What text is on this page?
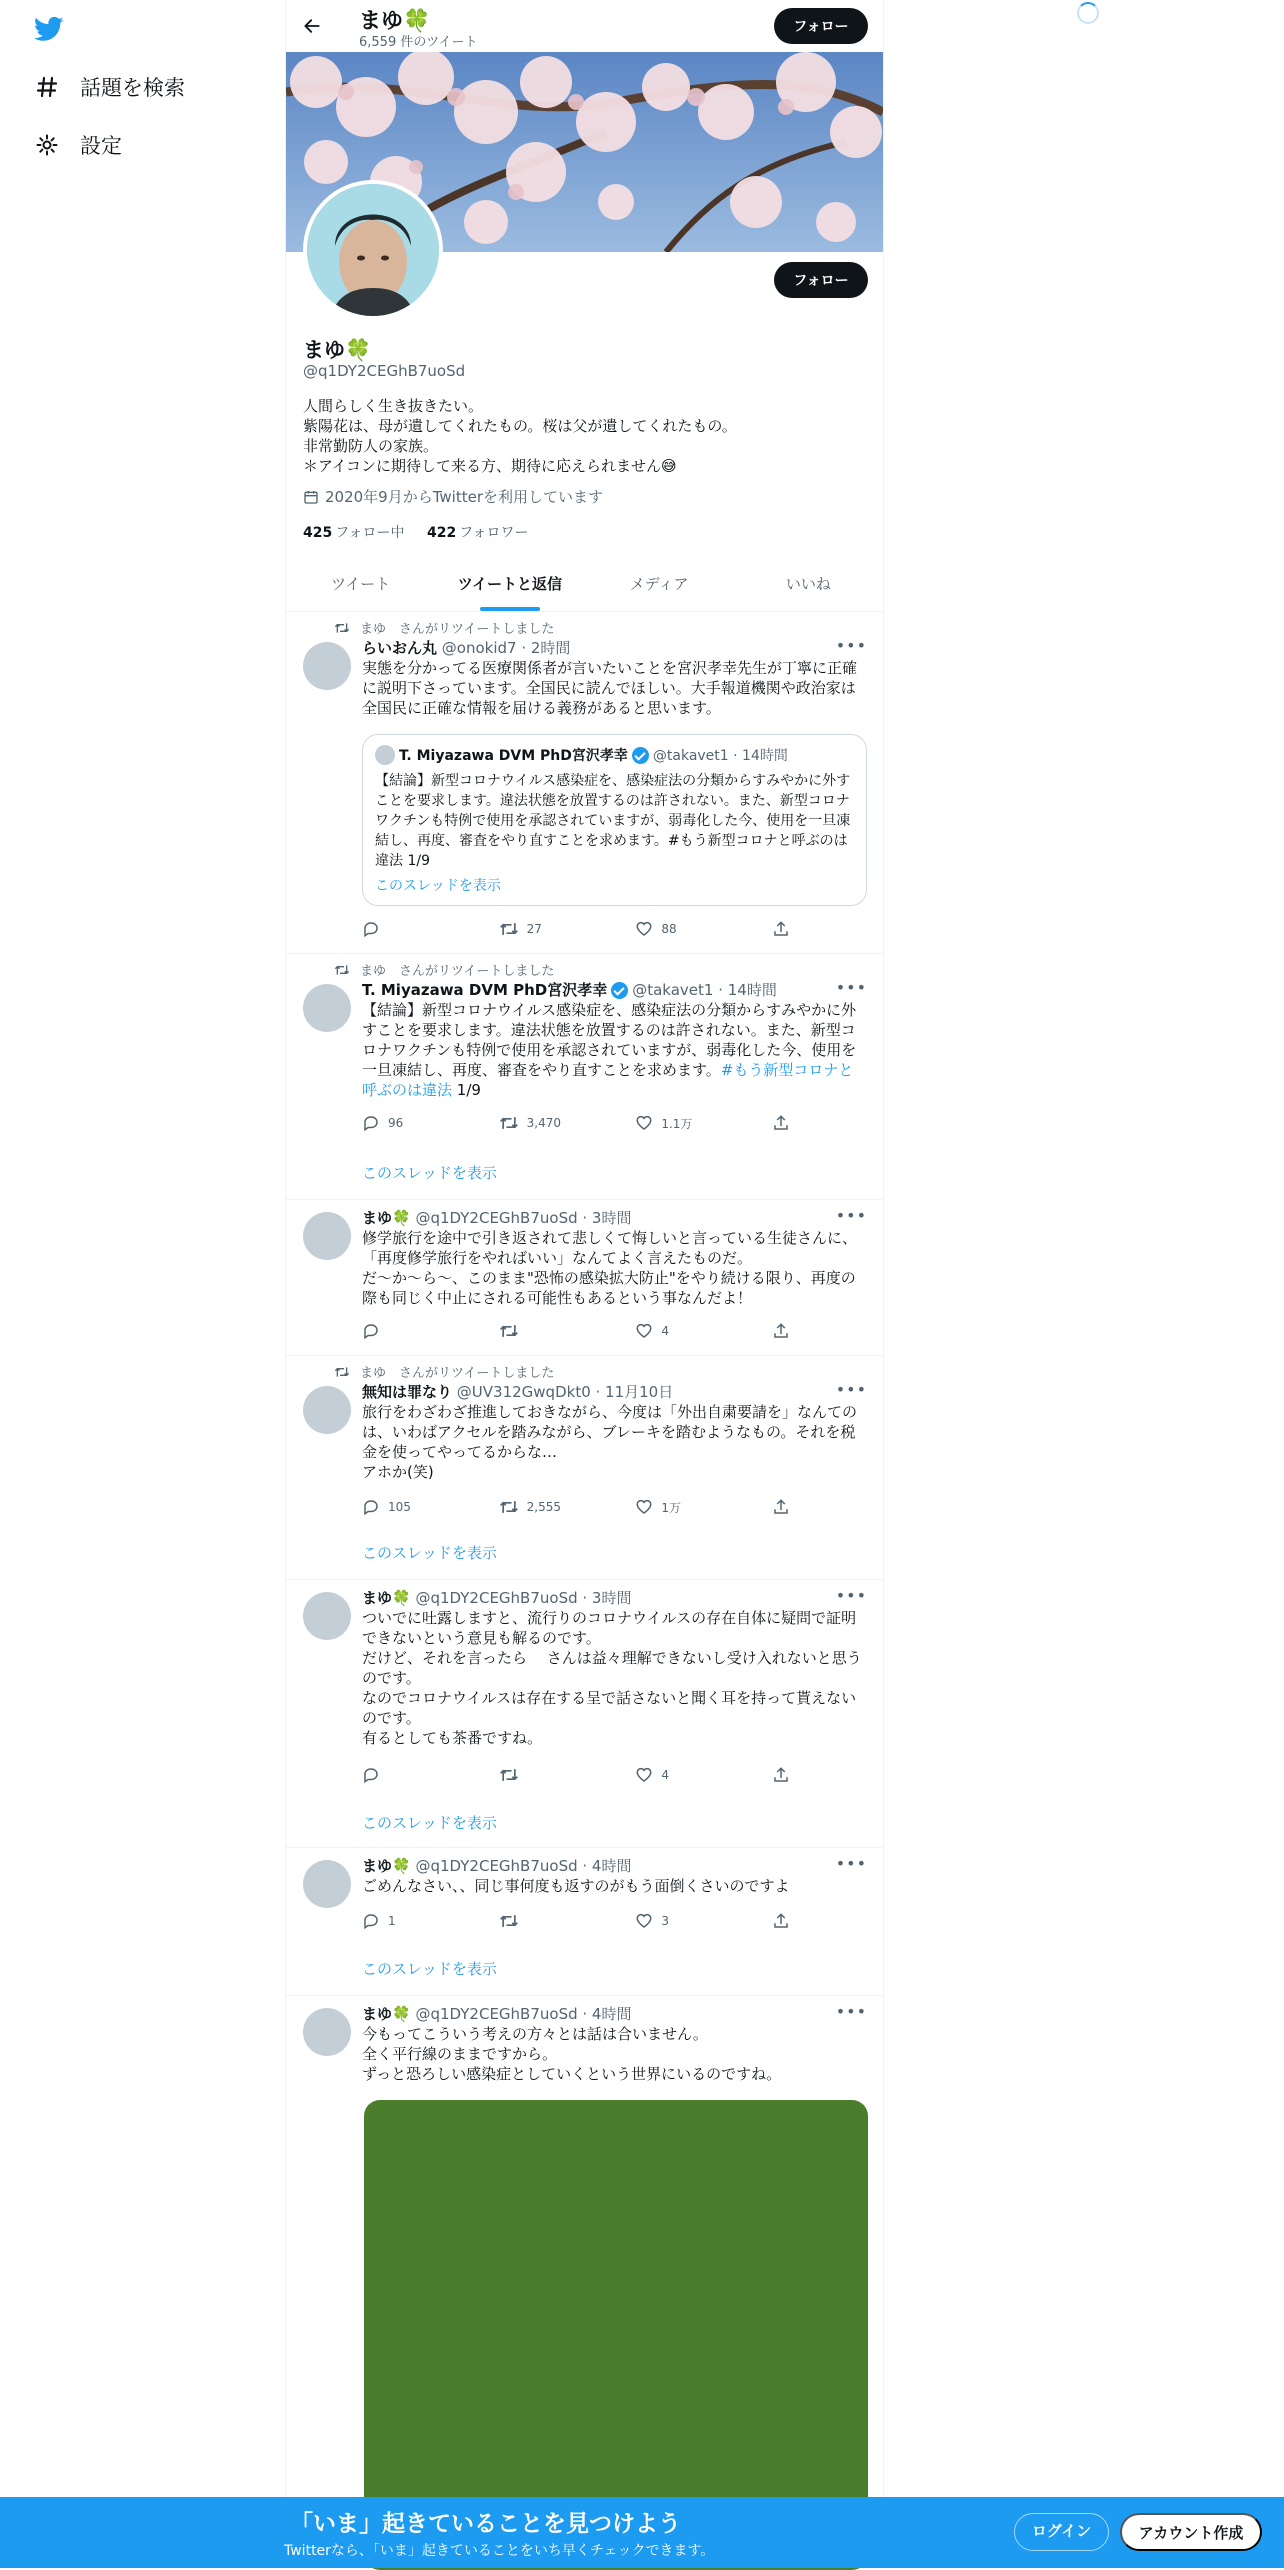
話題を検索
設定
まゆ🍀
6,559 件のツイート
フォロー
フォロー
まゆ🍀
@q1DY2CEGhB7uoSd
人間らしく生き抜きたい。
紫陽花は、母が遺してくれたもの。桜は父が遺してくれたもの。
非常勤防人の家族。
＊アイコンに期待して来る方、期待に応えられません😅
2020年9月からTwitterを利用しています
425 フォロー中 422 フォロワー
ツイート	ツイートと返信	メディア	いいね
まゆ　さんがリツイートしました
らいおん丸 @onokid7 · 2時間
実態を分かってる医療関係者が言いたいことを宮沢孝幸先生が丁寧に正確に説明下さっています。全国民に読んでほしい。大手報道機関や政治家は全国民に正確な情報を届ける義務があると思います。
•••
T. Miyazawa DVM PhD宮沢孝幸 @takavet1 · 14時間
【結論】新型コロナウイルス感染症を、感染症法の分類からすみやかに外すことを要求します。違法状態を放置するのは許されない。また、新型コロナワクチンも特例で使用を承認されていますが、弱毒化した今、使用を一旦凍結し、再度、審査をやり直すことを求めます。#もう新型コロナと呼ぶのは違法 1/9
このスレッドを表示
27	88
まゆ　さんがリツイートしました
T. Miyazawa DVM PhD宮沢孝幸 @takavet1 · 14時間
【結論】新型コロナウイルス感染症を、感染症法の分類からすみやかに外すことを要求します。違法状態を放置するのは許されない。また、新型コロナワクチンも特例で使用を承認されていますが、弱毒化した今、使用を一旦凍結し、再度、審査をやり直すことを求めます。#もう新型コロナと呼ぶのは違法 1/9
•••
96	3,470	1.1万
このスレッドを表示
まゆ🍀 @q1DY2CEGhB7uoSd · 3時間
修学旅行を途中で引き返されて悲しくて悔しいと言っている生徒さんに、「再度修学旅行をやればいい」なんてよく言えたものだ。
だ〜か〜ら〜、このまま"恐怖の感染拡大防止"をやり続ける限り、再度の際も同じく中止にされる可能性もあるという事なんだよ！
•••
4
まゆ　さんがリツイートしました
無知は罪なり @UV312GwqDkt0 · 11月10日
旅行をわざわざ推進しておきながら、今度は「外出自粛要請を」なんてのは、いわばアクセルを踏みながら、ブレーキを踏むようなもの。それを税金を使ってやってるからな…
アホか(笑)
•••
105	2,555	1万
このスレッドを表示
まゆ🍀 @q1DY2CEGhB7uoSd · 3時間
ついでに吐露しますと、流行りのコロナウイルスの存在自体に疑問で証明できないという意見も解るのです。
だけど、それを言ったら　 さんは益々理解できないし受け入れないと思うのです。
なのでコロナウイルスは存在する呈で話さないと聞く耳を持って貰えないのです。
有るとしても茶番ですね。
•••
4
このスレッドを表示
まゆ🍀 @q1DY2CEGhB7uoSd · 4時間
ごめんなさい、、同じ事何度も返すのがもう面倒くさいのですよ
•••
1	3
このスレッドを表示
まゆ🍀 @q1DY2CEGhB7uoSd · 4時間
今もってこういう考えの方々とは話は合いません。
全く平行線のままですから。
ずっと恐ろしい感染症としていくという世界にいるのですね。
•••
「いま」起きていることを見つけよう
Twitterなら、「いま」起きていることをいち早くチェックできます。
ログイン	アカウント作成
